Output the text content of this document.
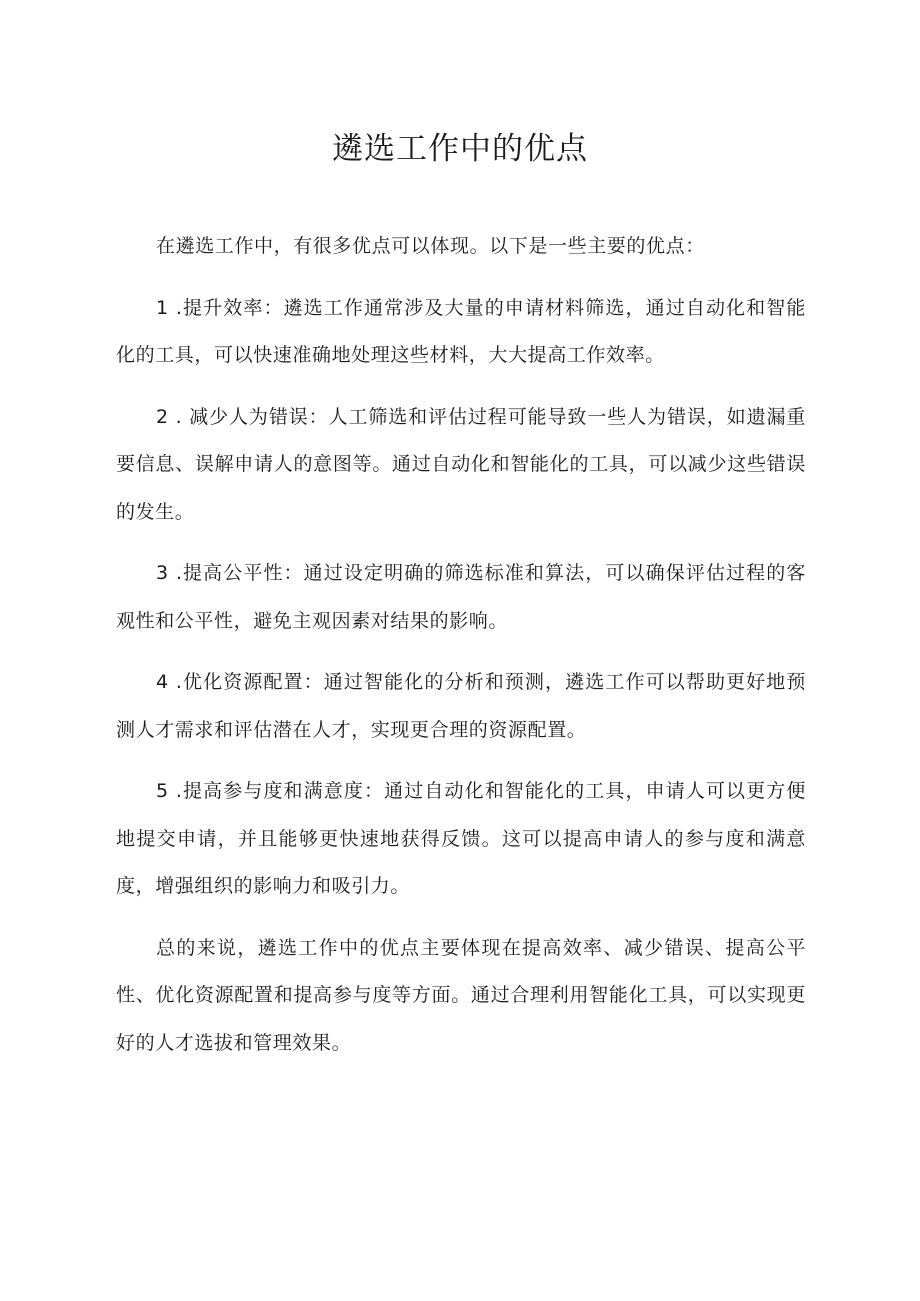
遴选工作中的优点

在遴选工作中，有很多优点可以体现。以下是一些主要的优点：

1 .提升效率：遴选工作通常涉及大量的申请材料筛选，通过自动化和智能化的工具，可以快速准确地处理这些材料，大大提高工作效率。

2 . 减少人为错误：人工筛选和评估过程可能导致一些人为错误，如遗漏重要信息、误解申请人的意图等。通过自动化和智能化的工具，可以减少这些错误的发生。

3 .提高公平性：通过设定明确的筛选标准和算法，可以确保评估过程的客观性和公平性，避免主观因素对结果的影响。

4 .优化资源配置：通过智能化的分析和预测，遴选工作可以帮助更好地预测人才需求和评估潜在人才，实现更合理的资源配置。

5 .提高参与度和满意度：通过自动化和智能化的工具，申请人可以更方便地提交申请，并且能够更快速地获得反馈。这可以提高申请人的参与度和满意度，增强组织的影响力和吸引力。

总的来说，遴选工作中的优点主要体现在提高效率、减少错误、提高公平性、优化资源配置和提高参与度等方面。通过合理利用智能化工具，可以实现更好的人才选拔和管理效果。
